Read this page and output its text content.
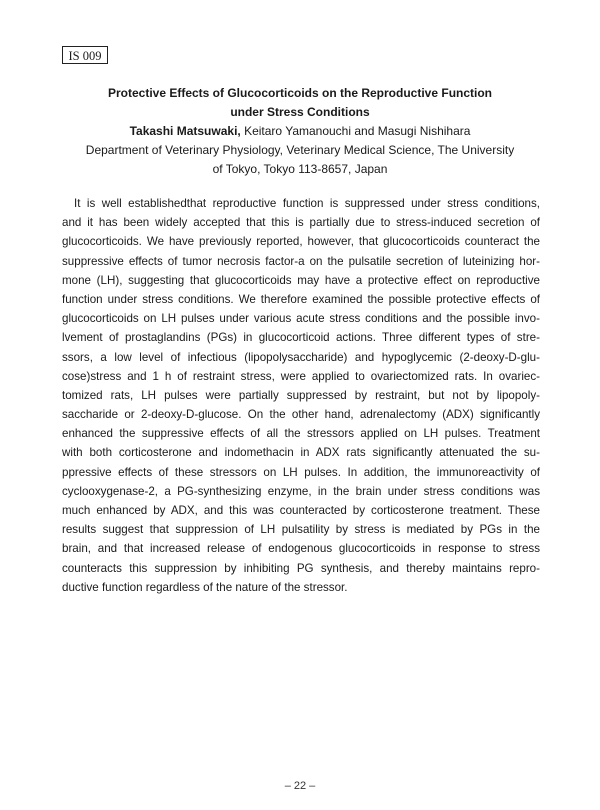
IS 009
Protective Effects of Glucocorticoids on the Reproductive Function
under Stress Conditions
Takashi Matsuwaki, Keitaro Yamanouchi and Masugi Nishihara
Department of Veterinary Physiology, Veterinary Medical Science, The University
of Tokyo, Tokyo 113-8657, Japan
It is well establishedthat reproductive function is suppressed under stress conditions,
and it has been widely accepted that this is partially due to stress-induced secretion of
glucocorticoids. We have previously reported, however, that glucocorticoids counteract the
suppressive effects of tumor necrosis factor-a on the pulsatile secretion of luteinizing hor-
mone (LH), suggesting that glucocorticoids may have a protective effect on reproductive
function under stress conditions. We therefore examined the possible protective effects of
glucocorticoids on LH pulses under various acute stress conditions and the possible invo-
lvement of prostaglandins (PGs) in glucocorticoid actions. Three different types of stre-
ssors, a low level of infectious (lipopolysaccharide) and hypoglycemic (2-deoxy-D-glu-
cose)stress and 1 h of restraint stress, were applied to ovariectomized rats. In ovariec-
tomized rats, LH pulses were partially suppressed by restraint, but not by lipopoly-
saccharide or 2-deoxy-D-glucose. On the other hand, adrenalectomy (ADX) significantly
enhanced the suppressive effects of all the stressors applied on LH pulses. Treatment
with both corticosterone and indomethacin in ADX rats significantly attenuated the su-
ppressive effects of these stressors on LH pulses. In addition, the immunoreactivity of
cyclooxygenase-2, a PG-synthesizing enzyme, in the brain under stress conditions was
much enhanced by ADX, and this was counteracted by corticosterone treatment. These
results suggest that suppression of LH pulsatility by stress is mediated by PGs in the
brain, and that increased release of endogenous glucocorticoids in response to stress
counteracts this suppression by inhibiting PG synthesis, and thereby maintains repro-
ductive function regardless of the nature of the stressor.
– 22 –
